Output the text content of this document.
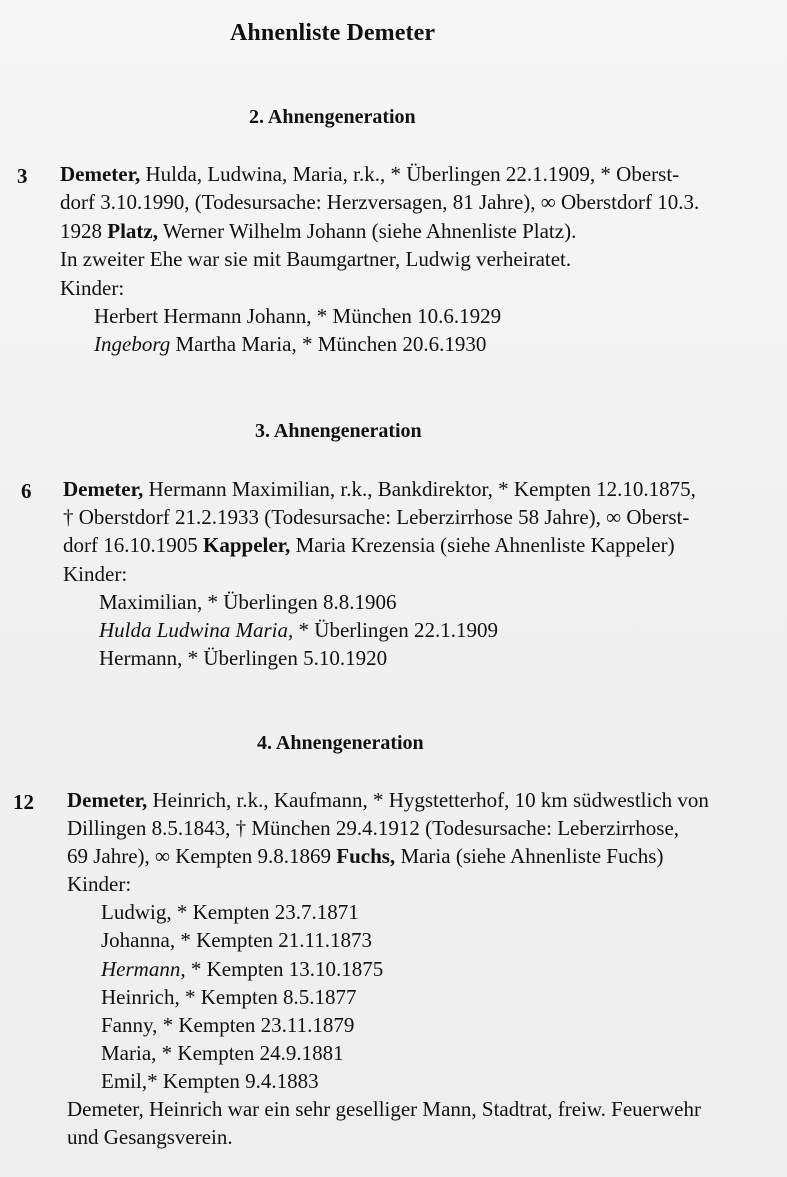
Ahnenliste Demeter
2. Ahnengeneration
3 Demeter, Hulda, Ludwina, Maria, r.k., * Überlingen 22.1.1909, * Oberst-
dorf 3.10.1990, (Todesursache: Herzversagen, 81 Jahre), ∞ Oberstdorf 10.3.
1928 Platz, Werner Wilhelm Johann (siehe Ahnenliste Platz).
In zweiter Ehe war sie mit Baumgartner, Ludwig verheiratet.
Kinder:
Herbert Hermann Johann, * München 10.6.1929
Ingeborg Martha Maria, * München 20.6.1930
3. Ahnengeneration
6 Demeter, Hermann Maximilian, r.k., Bankdirektor, * Kempten 12.10.1875,
† Oberstdorf 21.2.1933 (Todesursache: Leberzirrhose 58 Jahre), ∞ Oberst-
dorf 16.10.1905 Kappeler, Maria Krezensia (siehe Ahnenliste Kappeler)
Kinder:
Maximilian, * Überlingen 8.8.1906
Hulda Ludwina Maria, * Überlingen 22.1.1909
Hermann, * Überlingen 5.10.1920
4. Ahnengeneration
12 Demeter, Heinrich, r.k., Kaufmann, * Hygstetterhof, 10 km südwestlich von
Dillingen 8.5.1843, † München 29.4.1912 (Todesursache: Leberzirrhose,
69 Jahre), ∞ Kempten 9.8.1869 Fuchs, Maria (siehe Ahnenliste Fuchs)
Kinder:
Ludwig, * Kempten 23.7.1871
Johanna, * Kempten 21.11.1873
Hermann, * Kempten 13.10.1875
Heinrich, * Kempten 8.5.1877
Fanny, * Kempten 23.11.1879
Maria, * Kempten 24.9.1881
Emil,* Kempten 9.4.1883
Demeter, Heinrich war ein sehr geselliger Mann, Stadtrat, freiw. Feuerwehr
und Gesangsverein.
